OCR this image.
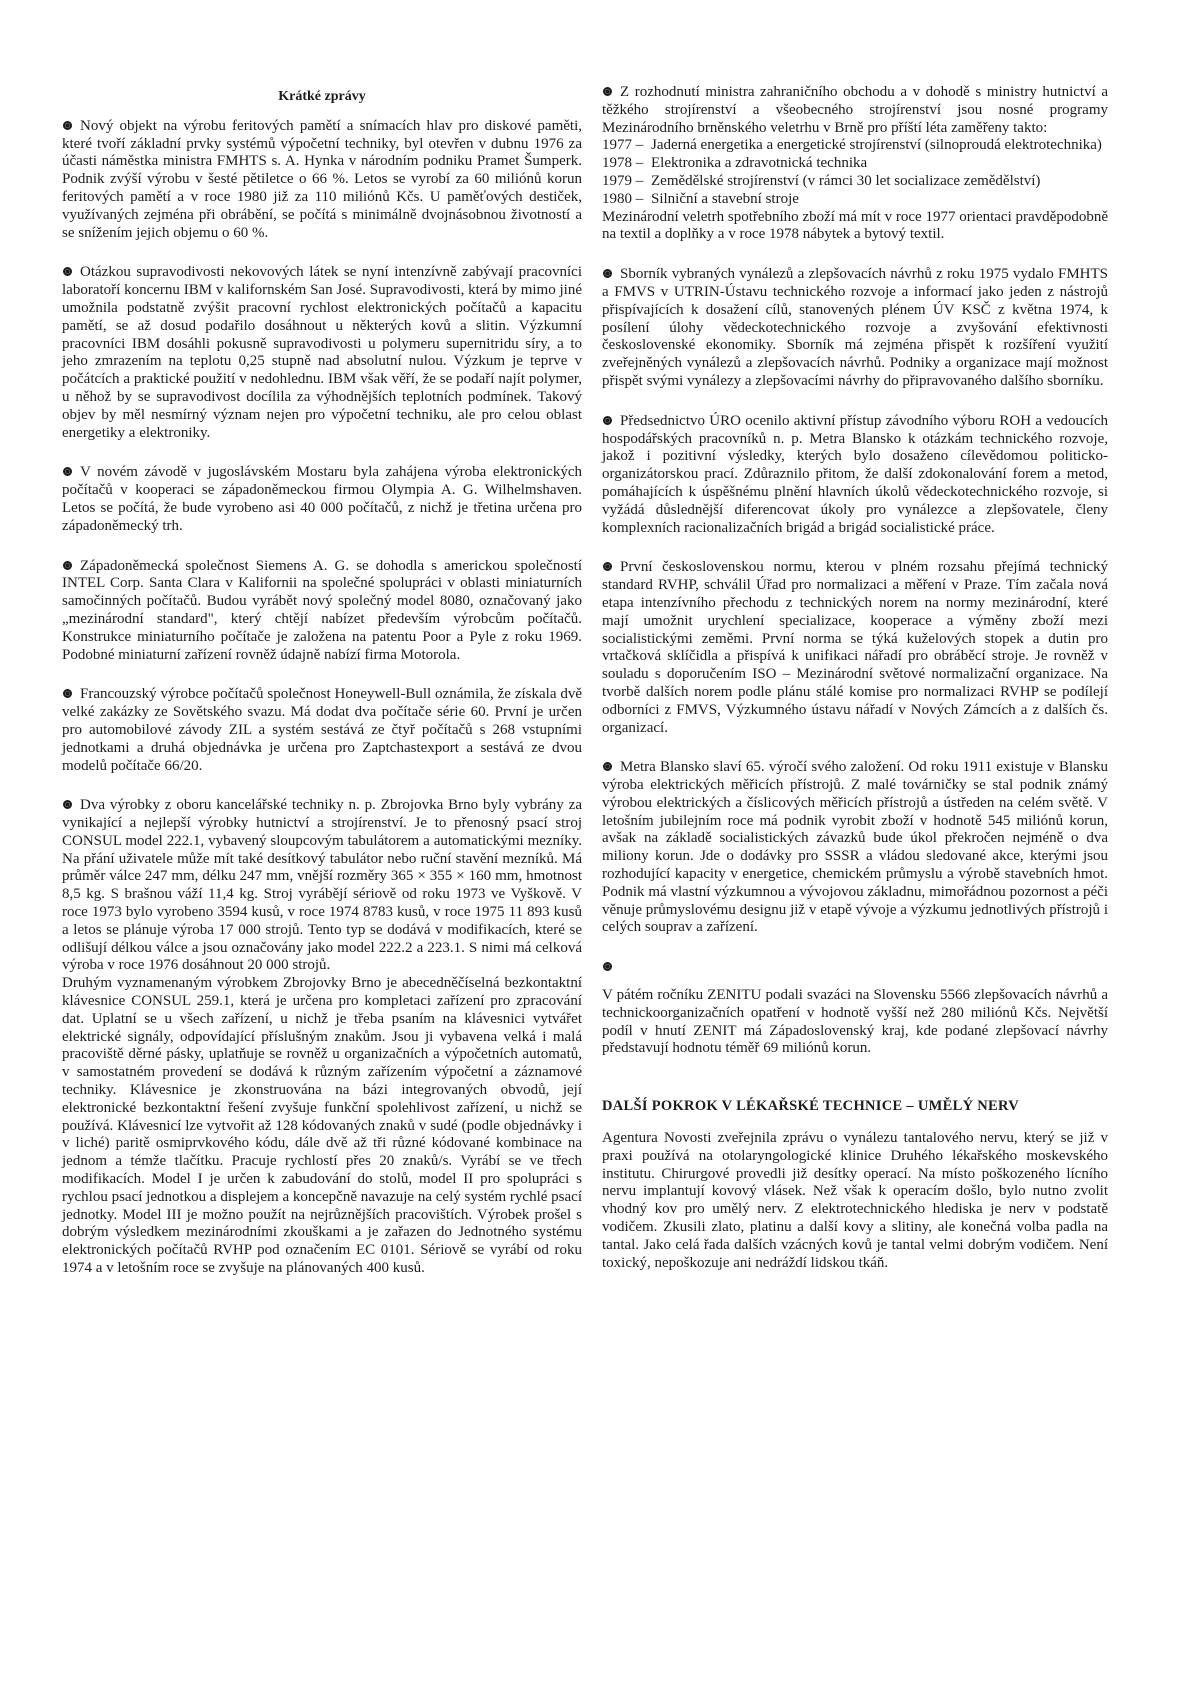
Krátké zprávy

Nový objekt na výrobu feritových pamětí a snímacích hlav pro diskové paměti, které tvoří základní prvky systémů výpočetní techniky, byl otevřen v dubnu 1976 za účasti náměstka ministra FMHTS s. A. Hynka v národním podniku Pramet Šumperk. Podnik zvýší výrobu v šesté pětiletce o 66 %. Letos se vyrobí za 60 miliónů korun feritových pamětí a v roce 1980 již za 110 miliónů Kčs. U paměťových destiček, využívaných zejména při obrábění, se počítá s minimálně dvojnásobnou životností a se snížením jejich objemu o 60 %.

Otázkou supravodivosti nekovových látek se nyní intenzívně zabývají pracovníci laboratoří koncernu IBM v kalifornském San José. Supravodivosti, která by mimo jiné umožnila podstatně zvýšit pracovní rychlost elektronických počítačů a kapacitu pamětí, se až dosud podařilo dosáhnout u některých kovů a slitin. Výzkumní pracovníci IBM dosáhli pokusně supravodivosti u polymeru supernitridu síry, a to jeho zmrazením na teplotu 0,25 stupně nad absolutní nulou. Výzkum je teprve v počátcích a praktické použití v nedohlednu. IBM však věří, že se podaří najít polymer, u něhož by se supravodivost docílila za výhodnějších teplotních podmínek. Takový objev by měl nesmírný význam nejen pro výpočetní techniku, ale pro celou oblast energetiky a elektroniky.

V novém závodě v jugoslávském Mostaru byla zahájena výroba elektronických počítačů v kooperaci se západoněmeckou firmou Olympia A. G. Wilhelmshaven. Letos se počítá, že bude vyrobeno asi 40 000 počítačů, z nichž je třetina určena pro západoněmecký trh.

Západoněmecká společnost Siemens A. G. se dohodla s americkou společností INTEL Corp. Santa Clara v Kalifornii na společné spolupráci v oblasti miniaturních samočinných počítačů. Budou vyrábět nový společný model 8080, označovaný jako „mezinárodní standard", který chtějí nabízet především výrobcům počítačů. Konstrukce miniaturního počítače je založena na patentu Poor a Pyle z roku 1969. Podobné miniaturní zařízení rovněž údajně nabízí firma Motorola.

Francouzský výrobce počítačů společnost Honeywell-Bull oznámila, že získala dvě velké zakázky ze Sovětského svazu. Má dodat dva počítače série 60. První je určen pro automobilové závody ZIL a systém sestává ze čtyř počítačů s 268 vstupními jednotkami a druhá objednávka je určena pro Zaptchastexport a sestává ze dvou modelů počítače 66/20.

Dva výrobky z oboru kancelářské techniky n. p. Zbrojovka Brno byly vybrány za vynikající a nejlepší výrobky hutnictví a strojírenství. Je to přenosný psací stroj CONSUL model 222.1, vybavený sloupcovým tabulátorem a automatickými mezníky. Na přání uživatele může mít také desítkový tabulátor nebo ruční stavění mezníků. Má průměr válce 247 mm, délku 247 mm, vnější rozměry 365 × 355 × 160 mm, hmotnost 8,5 kg. S brašnou váží 11,4 kg. Stroj vyrábějí sériově od roku 1973 ve Vyškově. V roce 1973 bylo vyrobeno 3594 kusů, v roce 1974 8783 kusů, v roce 1975 11 893 kusů a letos se plánuje výroba 17 000 strojů. Tento typ se dodává v modifikacích, které se odlišují délkou válce a jsou označovány jako model 222.2 a 223.1. S nimi má celková výroba v roce 1976 dosáhnout 20 000 strojů.

Druhým vyznamenaným výrobkem Zbrojovky Brno je abecedněčíselná bezkontaktní klávesnice CONSUL 259.1, která je určena pro kompletaci zařízení pro zpracování dat. Uplatní se u všech zařízení, u nichž je třeba psaním na klávesnici vytvářet elektrické signály, odpovídající příslušným znakům. Jsou ji vybavena velká i malá pracoviště děrné pásky, uplatňuje se rovněž u organizačních a výpočetních automatů, v samostatném provedení se dodává k různým zařízením výpočetní a záznamové techniky. Klávesnice je zkonstruována na bázi integrovaných obvodů, její elektronické bezkontaktní řešení zvyšuje funkční spolehlivost zařízení, u nichž se používá. Klávesnicí lze vytvořit až 128 kódovaných znaků v sudé (podle objednávky i v liché) paritě osmiprvkového kódu, dále dvě až tři různé kódované kombinace na jednom a témže tlačítku. Pracuje rychlostí přes 20 znaků/s. Vyrábí se ve třech modifikacích. Model I je určen k zabudování do stolů, model II pro spolupráci s rychlou psací jednotkou a displejem a koncepčně navazuje na celý systém rychlé psací jednotky. Model III je možno použít na nejrůznějších pracovištích. Výrobek prošel s dobrým výsledkem mezinárodními zkouškami a je zařazen do Jednotného systému elektronických počítačů RVHP pod označením EC 0101. Sériově se vyrábí od roku 1974 a v letošním roce se zvyšuje na plánovaných 400 kusů.

Z rozhodnutí ministra zahraničního obchodu a v dohodě s ministry hutnictví a těžkého strojírenství a všeobecného strojírenství jsou nosné programy Mezinárodního brněnského veletrhu v Brně pro příští léta zaměřeny takto:

1977 – Jaderná energetika a energetické strojírenství (silnoproudá elektrotechnika)
1978 – Elektronika a zdravotnická technika
1979 – Zemědělské strojírenství (v rámci 30 let socializace zemědělství)
1980 – Silniční a stavební stroje

Mezinárodní veletrh spotřebního zboží má mít v roce 1977 orientaci pravděpodobně na textil a doplňky a v roce 1978 nábytek a bytový textil.

Sborník vybraných vynálezů a zlepšovacích návrhů z roku 1975 vydalo FMHTS a FMVS v UTRIN-Ústavu technického rozvoje a informací jako jeden z nástrojů přispívajících k dosažení cílů, stanovených plénem ÚV KSČ z května 1974, k posílení úlohy vědeckotechnického rozvoje a zvyšování efektivnosti československé ekonomiky. Sborník má zejména přispět k rozšíření využití zveřejněných vynálezů a zlepšovacích návrhů. Podniky a organizace mají možnost přispět svými vynálezy a zlepšovacími návrhy do připravovaného dalšího sborníku.

Předsednictvo ÚRO ocenilo aktivní přístup závodního výboru ROH a vedoucích hospodářských pracovníků n. p. Metra Blansko k otázkám technického rozvoje, jakož i pozitivní výsledky, kterých bylo dosaženo cílevědomou politicko-organizátorskou prací. Zdůraznilo přitom, že další zdokonalování forem a metod, pomáhajících k úspěšnému plnění hlavních úkolů vědeckotechnického rozvoje, si vyžádá důslednější diferencovat úkoly pro vynálezce a zlepšovatele, členy komplexních racionalizačních brigád a brigád socialistické práce.

První československou normu, kterou v plném rozsahu přejímá technický standard RVHP, schválil Úřad pro normalizaci a měření v Praze. Tím začala nová etapa intenzívního přechodu z technických norem na normy mezinárodní, které mají umožnit urychlení specializace, kooperace a výměny zboží mezi socialistickými zeměmi. První norma se týká kuželových stopek a dutin pro vrtačková sklíčidla a přispívá k unifikaci nářadí pro obráběcí stroje. Je rovněž v souladu s doporučením ISO – Mezinárodní světové normalizační organizace. Na tvorbě dalších norem podle plánu stálé komise pro normalizaci RVHP se podílejí odborníci z FMVS, Výzkumného ústavu nářadí v Nových Zámcích a z dalších čs. organizací.

Metra Blansko slaví 65. výročí svého založení. Od roku 1911 existuje v Blansku výroba elektrických měřicích přístrojů. Z malé továrničky se stal podnik známý výrobou elektrických a číslicových měřicích přístrojů a ústředen na celém světě. V letošním jubilejním roce má podnik vyrobit zboží v hodnotě 545 miliónů korun, avšak na základě socialistických závazků bude úkol překročen nejméně o dva miliony korun. Jde o dodávky pro SSSR a vládou sledované akce, kterými jsou rozhodující kapacity v energetice, chemickém průmyslu a výrobě stavebních hmot. Podnik má vlastní výzkumnou a vývojovou základnu, mimořádnou pozornost a péči věnuje průmyslovému designu již v etapě vývoje a výzkumu jednotlivých přístrojů i celých souprav a zařízení.

V pátém ročníku ZENITU podali svazáci na Slovensku 5566 zlepšovacích návrhů a technickoorganizačních opatření v hodnotě vyšší než 280 miliónů Kčs. Největší podíl v hnutí ZENIT má Západoslovenský kraj, kde podané zlepšovací návrhy představují hodnotu téměř 69 miliónů korun.

DALŠÍ POKROK V LÉKAŘSKÉ TECHNICE – UMĚLÝ NERV

Agentura Novosti zveřejnila zprávu o vynálezu tantalového nervu, který se již v praxi používá na otolaryngologické klinice Druhého lékařského moskevského institutu. Chirurgové provedli již desítky operací. Na místo poškozeného lícního nervu implantují kovový vlásek. Než však k operacím došlo, bylo nutno zvolit vhodný kov pro umělý nerv. Z elektrotechnického hlediska je nerv v podstatě vodičem. Zkusili zlato, platinu a další kovy a slitiny, ale konečná volba padla na tantal. Jako celá řada dalších vzácných kovů je tantal velmi dobrým vodičem. Není toxický, nepoškozuje ani nedráždí lidskou tkáň.
